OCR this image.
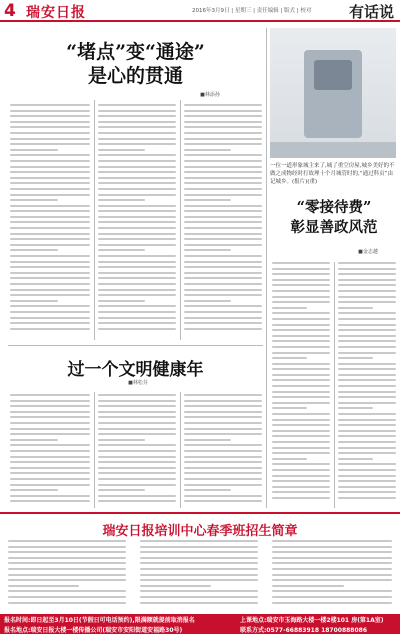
4 瑞安日报	2016年3月9日 | 星期三 | 责任编辑 | 版式 | 校对	有话说
“堵点”变“通途”
是心的贯通
■林添孙
一位一道形象城主来了,城了重空房屋,城乡美好的不做之成物经时打故理十个月城管时的,“通过科贡”由记城乡。(报片)(重)
“零接待费”
彰显善政风范
■金志越
过一个文明健康年
■林松芬
瑞安日报培训中心春季班招生简章
报名时间:即日起至3月10日(节假日可电话预约),限满额就提前取消报名
报名地点:瑞安日报大楼一楼传播公司(瑞安市安阳街道安福路30号)
上课地点:瑞安市玉海路大楼一楼2楼101 房(第1A室)
联系方式:0577-66883918 18700888086
